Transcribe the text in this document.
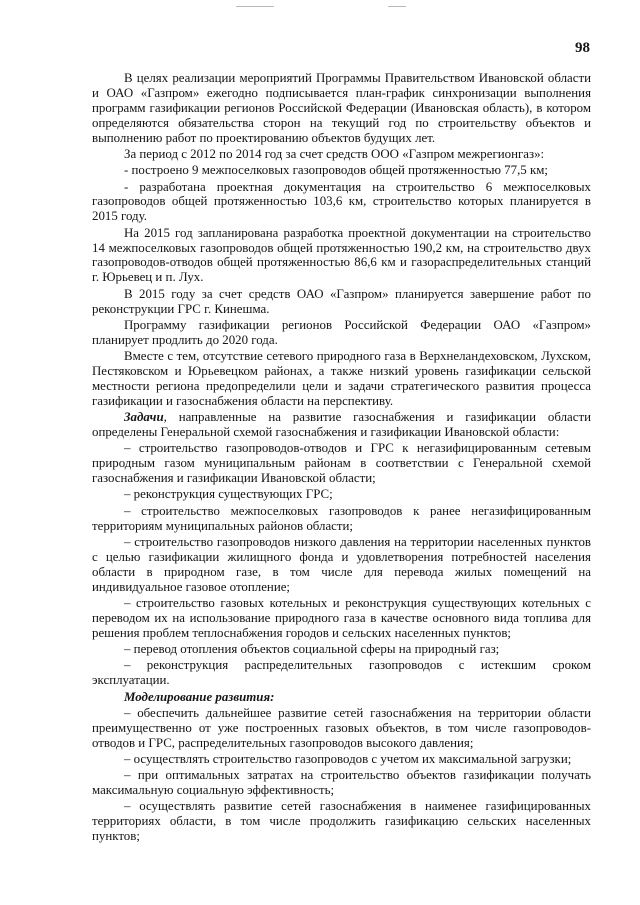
98

В целях реализации мероприятий Программы Правительством Ивановской области и ОАО «Газпром» ежегодно подписывается план-график синхронизации выполнения программ газификации регионов Российской Федерации (Ивановская область), в котором определяются обязательства сторон на текущий год по строительству объектов и выполнению работ по проектированию объектов будущих лет.

За период с 2012 по 2014 год за счет средств ООО «Газпром межрегионгаз»:

- построено 9 межпоселковых газопроводов общей протяженностью 77,5 км;

- разработана проектная документация на строительство 6 межпоселковых газопроводов общей протяженностью 103,6 км, строительство которых планируется в 2015 году.

На 2015 год запланирована разработка проектной документации на строительство 14 межпоселковых газопроводов общей протяженностью 190,2 км, на строительство двух газопроводов-отводов общей протяженностью 86,6 км и газораспределительных станций г. Юрьевец и п. Лух.

В 2015 году за счет средств ОАО «Газпром» планируется завершение работ по реконструкции ГРС г. Кинешма.

Программу газификации регионов Российской Федерации ОАО «Газпром» планирует продлить до 2020 года.

Вместе с тем, отсутствие сетевого природного газа в Верхнеландеховском, Лухском, Пестяковском и Юрьевецком районах, а также низкий уровень газификации сельской местности региона предопределили цели и задачи стратегического развития процесса газификации и газоснабжения области на перспективу.

Задачи, направленные на развитие газоснабжения и газификации области определены Генеральной схемой газоснабжения и газификации Ивановской области:

– строительство газопроводов-отводов и ГРС к негазифицированным сетевым природным газом муниципальным районам в соответствии с Генеральной схемой газоснабжения и газификации Ивановской области;

– реконструкция существующих ГРС;

– строительство межпоселковых газопроводов к ранее негазифицированным территориям муниципальных районов области;

– строительство газопроводов низкого давления на территории населенных пунктов с целью газификации жилищного фонда и удовлетворения потребностей населения области в природном газе, в том числе для перевода жилых помещений на индивидуальное газовое отопление;

– строительство газовых котельных и реконструкция существующих котельных с переводом их на использование природного газа в качестве основного вида топлива для решения проблем теплоснабжения городов и сельских населенных пунктов;

– перевод отопления объектов социальной сферы на природный газ;

– реконструкция распределительных газопроводов с истекшим сроком эксплуатации.

Моделирование развития:

– обеспечить дальнейшее развитие сетей газоснабжения на территории области преимущественно от уже построенных газовых объектов, в том числе газопроводов-отводов и ГРС, распределительных газопроводов высокого давления;

– осуществлять строительство газопроводов с учетом их максимальной загрузки;

– при оптимальных затратах на строительство объектов газификации получать максимальную социальную эффективность;

– осуществлять развитие сетей газоснабжения в наименее газифицированных территориях области, в том числе продолжить газификацию сельских населенных пунктов;
